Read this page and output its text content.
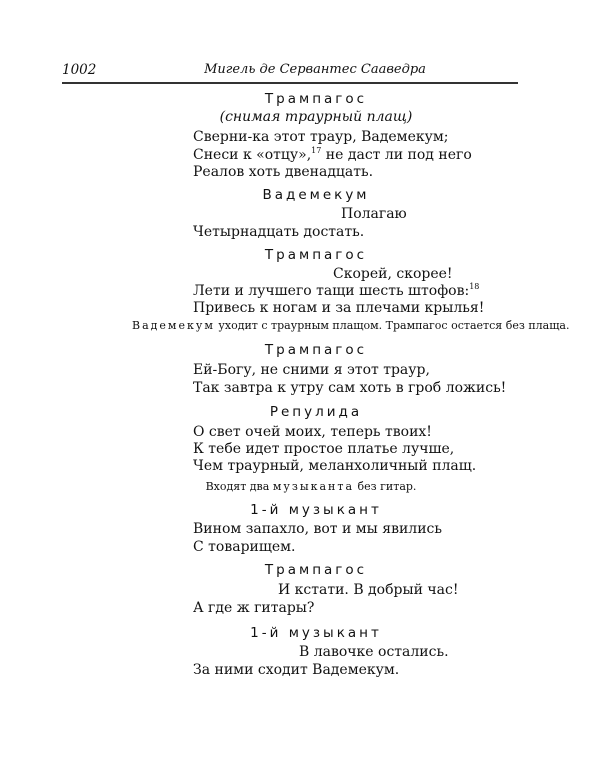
1002	Мигель де Сервантес Сааведра
Трампагос
(снимая траурный плащ)
Сверни-ка этот траур, Вадемекум;
Снеси к «отцу»,$^{17}$ не даст ли под него
Реалов хоть двенадцать.
Вадемекум
Полагаю
Четырнадцать достать.
Трампагос
Скорей, скорее!
Лети и лучшего тащи шесть штофов:$^{18}$
Привесь к ногам и за плечами крылья!
Вадемекум уходит с траурным плащом. Трампагос остается без плаща.
Трампагос
Ей-Богу, не сними я этот траур,
Так завтра к утру сам хоть в гроб ложись!
Репулида
О свет очей моих, теперь твоих!
К тебе идет простое платье лучше,
Чем траурный, меланхоличный плащ.
Входят два музыканта без гитар.
1-й музыкант
Вином запахло, вот и мы явились
С товарищем.
Трампагос
И кстати. В добрый час!
А где ж гитары?
1-й музыкант
В лавочке остались.
За ними сходит Вадемекум.
